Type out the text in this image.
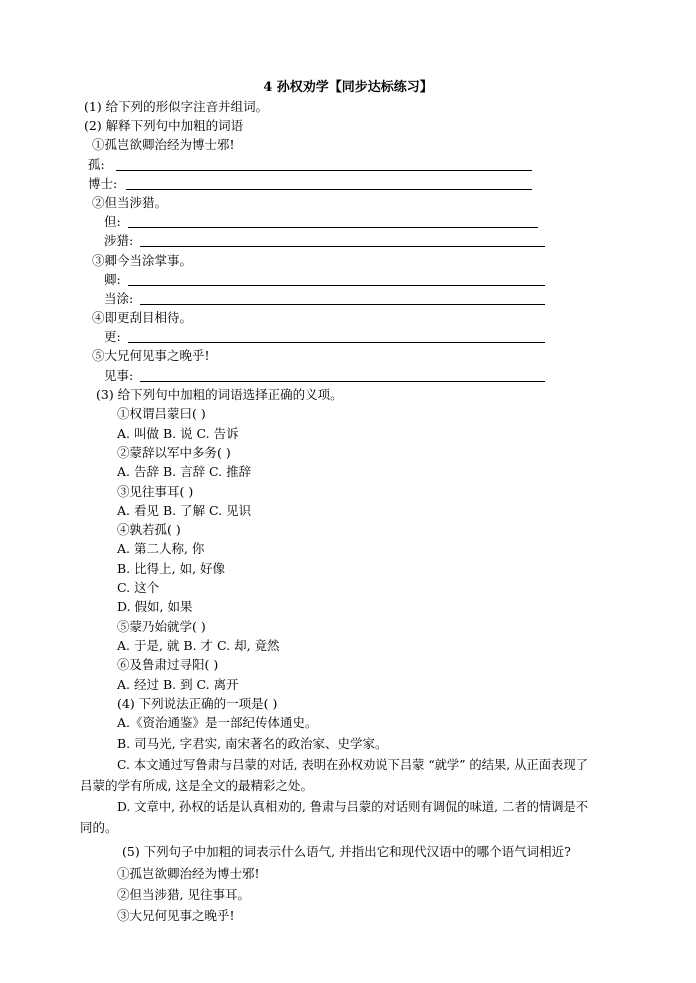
4 孙权劝学【同步达标练习】
(1) 给下列的形似字注音并组词。
(2) 解释下列句中加粗的词语
①孤岂欲卿治经为博士邪!
孤:
博士:
②但当涉猎。
但:
涉猎:
③卿今当涂掌事。
卿:
当涂:
④即更刮目相待。
更:
⑤大兄何见事之晚乎!
见事:
(3) 给下列句中加粗的词语选择正确的义项。
①权谓吕蒙曰( )
A. 叫做 B. 说 C. 告诉
②蒙辞以军中多务( )
A. 告辞 B. 言辞 C. 推辞
③见往事耳( )
A. 看见 B. 了解 C. 见识
④孰若孤( )
A. 第二人称, 你
B. 比得上, 如, 好像
C. 这个
D. 假如, 如果
⑤蒙乃始就学( )
A. 于是, 就 B. 才 C. 却, 竟然
⑥及鲁肃过寻阳( )
A. 经过 B. 到 C. 离开
(4) 下列说法正确的一项是( )
A.《资治通鉴》是一部纪传体通史。
B. 司马光, 字君实, 南宋著名的政治家、史学家。
C. 本文通过写鲁肃与吕蒙的对话, 表明在孙权劝说下吕蒙 “就学” 的结果, 从正面表现了
吕蒙的学有所成, 这是全文的最精彩之处。
D. 文章中, 孙权的话是认真相劝的, 鲁肃与吕蒙的对话则有调侃的味道, 二者的情调是不
同的。
(5) 下列句子中加粗的词表示什么语气, 并指出它和现代汉语中的哪个语气词相近?
①孤岂欲卿治经为博士邪!
②但当涉猎, 见往事耳。
③大兄何见事之晚乎!
